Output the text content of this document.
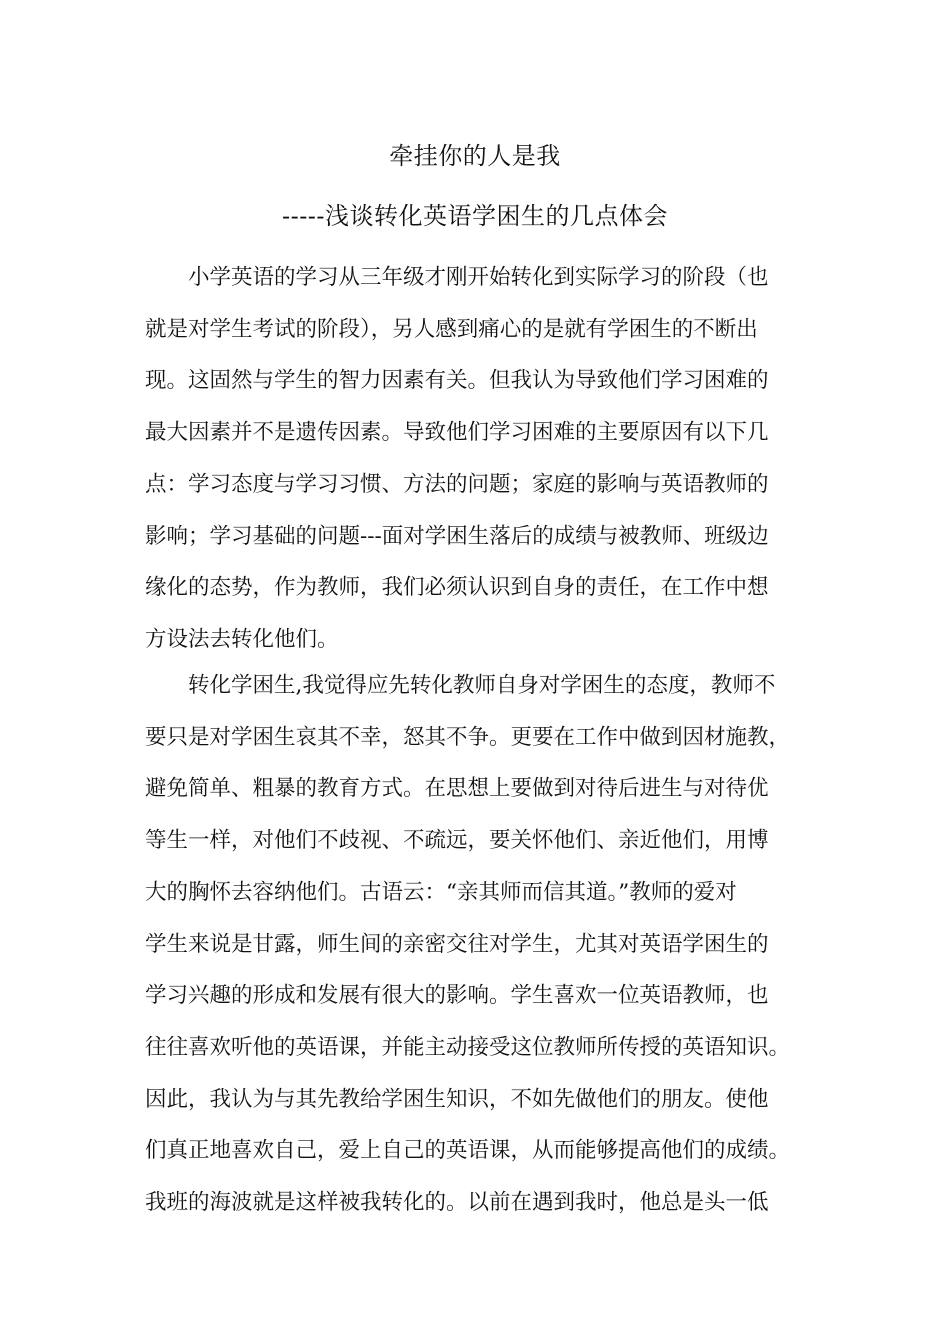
牵挂你的人是我
-----浅谈转化英语学困生的几点体会
小学英语的学习从三年级才刚开始转化到实际学习的阶段（也
就是对学生考试的阶段），另人感到痛心的是就有学困生的不断出
现。这固然与学生的智力因素有关。但我认为导致他们学习困难的
最大因素并不是遗传因素。导致他们学习困难的主要原因有以下几
点：学习态度与学习习惯、方法的问题；家庭的影响与英语教师的
影响；学习基础的问题---面对学困生落后的成绩与被教师、班级边
缘化的态势，作为教师，我们必须认识到自身的责任，在工作中想
方设法去转化他们。
转化学困生,我觉得应先转化教师自身对学困生的态度，教师不
要只是对学困生哀其不幸，怒其不争。更要在工作中做到因材施教，
避免简单、粗暴的教育方式。在思想上要做到对待后进生与对待优
等生一样，对他们不歧视、不疏远，要关怀他们、亲近他们，用博
大的胸怀去容纳他们。古语云：“亲其师而信其道。”教师的爱对
学生来说是甘露，师生间的亲密交往对学生，尤其对英语学困生的
学习兴趣的形成和发展有很大的影响。学生喜欢一位英语教师，也
往往喜欢听他的英语课，并能主动接受这位教师所传授的英语知识。
因此，我认为与其先教给学困生知识，不如先做他们的朋友。使他
们真正地喜欢自己，爱上自己的英语课，从而能够提高他们的成绩。
我班的海波就是这样被我转化的。以前在遇到我时，他总是头一低
